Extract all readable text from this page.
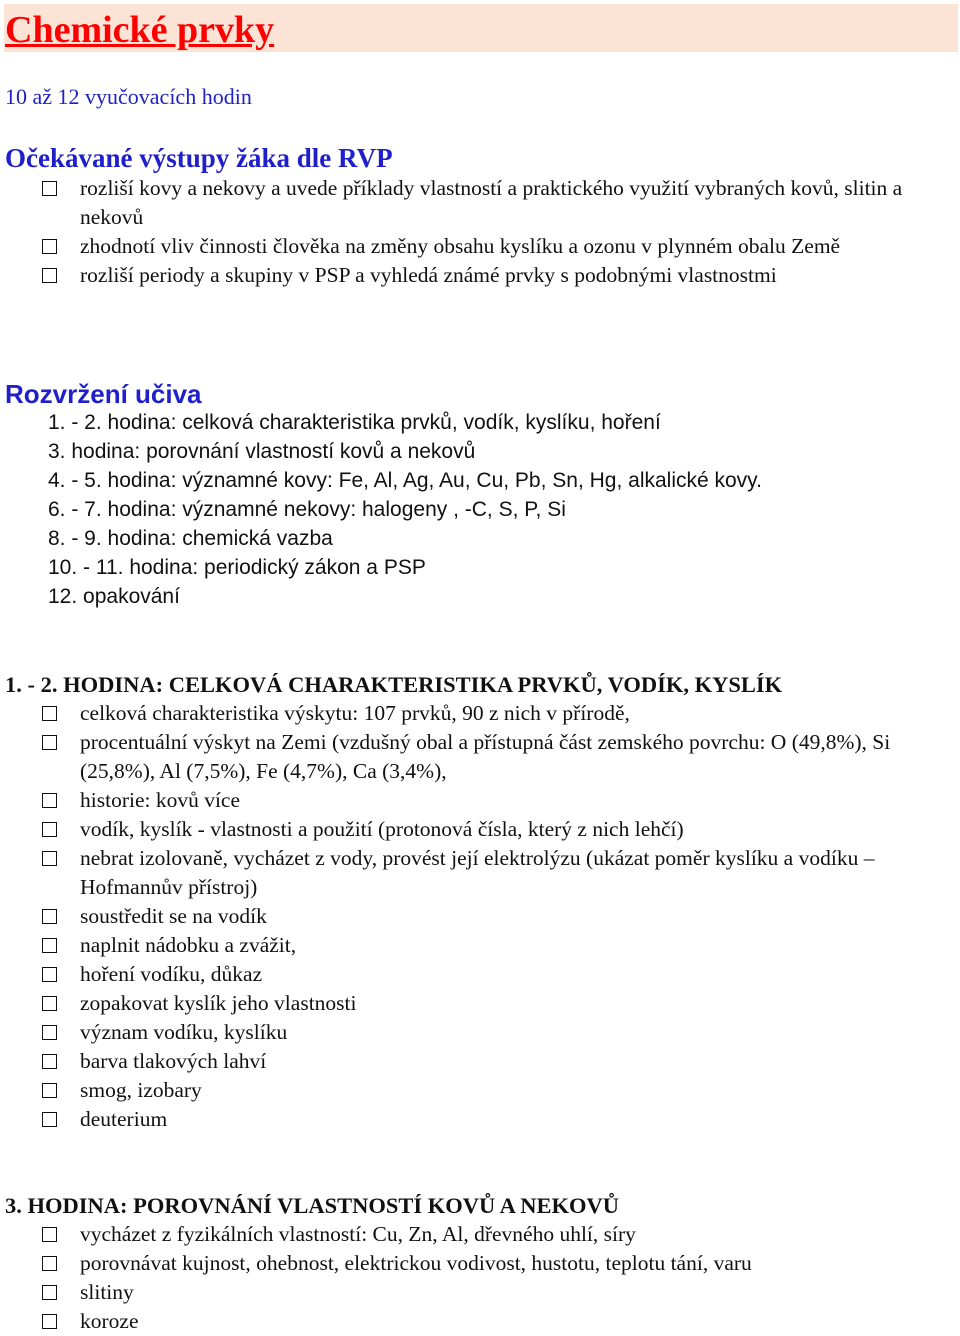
Chemické prvky
10 až 12 vyučovacích hodin
Očekávané výstupy žáka dle RVP
rozliší kovy a nekovy a uvede příklady vlastností a praktického využití vybraných kovů, slitin a nekovů
zhodnotí vliv činnosti člověka na změny obsahu kyslíku a ozonu v plynném obalu Země
rozliší periody a skupiny v PSP a vyhledá známé prvky s podobnými vlastnostmi
Rozvržení učiva
1. - 2. hodina: celková charakteristika prvků, vodík, kyslíku, hoření
3. hodina: porovnání vlastností kovů a nekovů
4. - 5. hodina: významné kovy: Fe, Al, Ag, Au, Cu, Pb, Sn, Hg, alkalické kovy.
6. - 7. hodina: významné nekovy: halogeny , -C, S, P, Si
8. - 9. hodina: chemická vazba
10. - 11. hodina: periodický zákon a PSP
12. opakování
1. - 2. HODINA: CELKOVÁ CHARAKTERISTIKA PRVKŮ, VODÍK, KYSLÍK
celková charakteristika výskytu: 107 prvků, 90 z nich v přírodě,
procentuální výskyt na Zemi (vzdušný obal a přístupná část zemského povrchu: O (49,8%), Si (25,8%), Al (7,5%), Fe (4,7%), Ca (3,4%),
historie: kovů více
vodík, kyslík - vlastnosti a použití (protonová čísla, který z nich lehčí)
nebrat izolovaně, vycházet z vody, provést její elektrolýzu (ukázat poměr kyslíku a vodíku – Hofmannův přístroj)
soustředit se na vodík
naplnit nádobku a zvážit,
hoření vodíku, důkaz
zopakovat kyslík jeho vlastnosti
význam vodíku, kyslíku
barva tlakových lahví
smog, izobary
deuterium
3. HODINA: POROVNÁNÍ VLASTNOSTÍ KOVŮ A NEKOVŮ
vycházet z fyzikálních vlastností: Cu, Zn, Al, dřevného uhlí, síry
porovnávat kujnost, ohebnost, elektrickou vodivost, hustotu, teplotu tání, varu
slitiny
koroze
